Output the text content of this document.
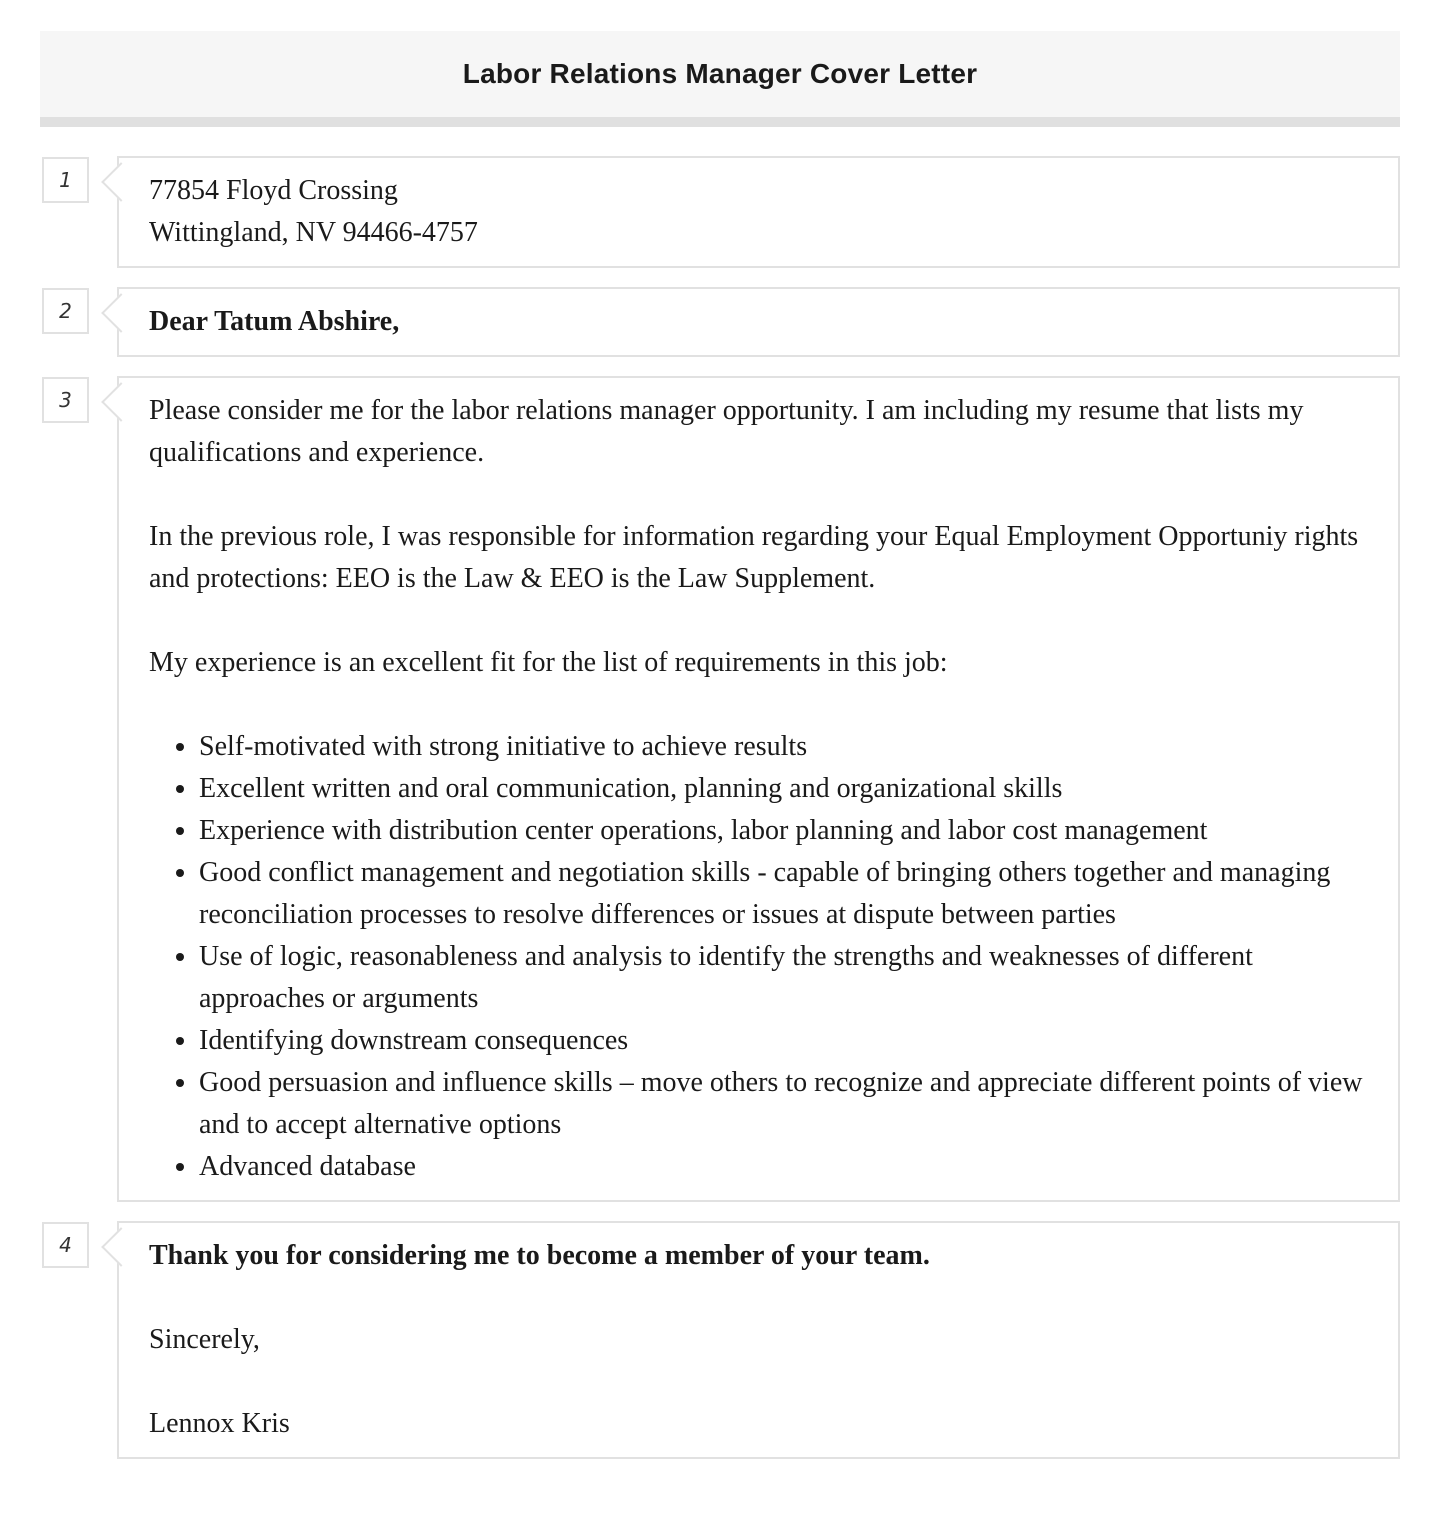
Labor Relations Manager Cover Letter
1	77854 Floyd Crossing

Wittingland, NV 94466-4757

2	Dear Tatum Abshire,

3	Please consider me for the labor relations manager opportunity. I am including my resume that lists my qualifications and experience.

In the previous role, I was responsible for information regarding your Equal Employment Opportuniy rights and protections: EEO is the Law & EEO is the Law Supplement.

My experience is an excellent fit for the list of requirements in this job:

• Self-motivated with strong initiative to achieve results
• Excellent written and oral communication, planning and organizational skills
• Experience with distribution center operations, labor planning and labor cost management
• Good conflict management and negotiation skills - capable of bringing others together and managing reconciliation processes to resolve differences or issues at dispute between parties
• Use of logic, reasonableness and analysis to identify the strengths and weaknesses of different approaches or arguments
• Identifying downstream consequences
• Good persuasion and influence skills – move others to recognize and appreciate different points of view and to accept alternative options
• Advanced database
4	Thank you for considering me to become a member of your team.

Sincerely,

Lennox Kris
